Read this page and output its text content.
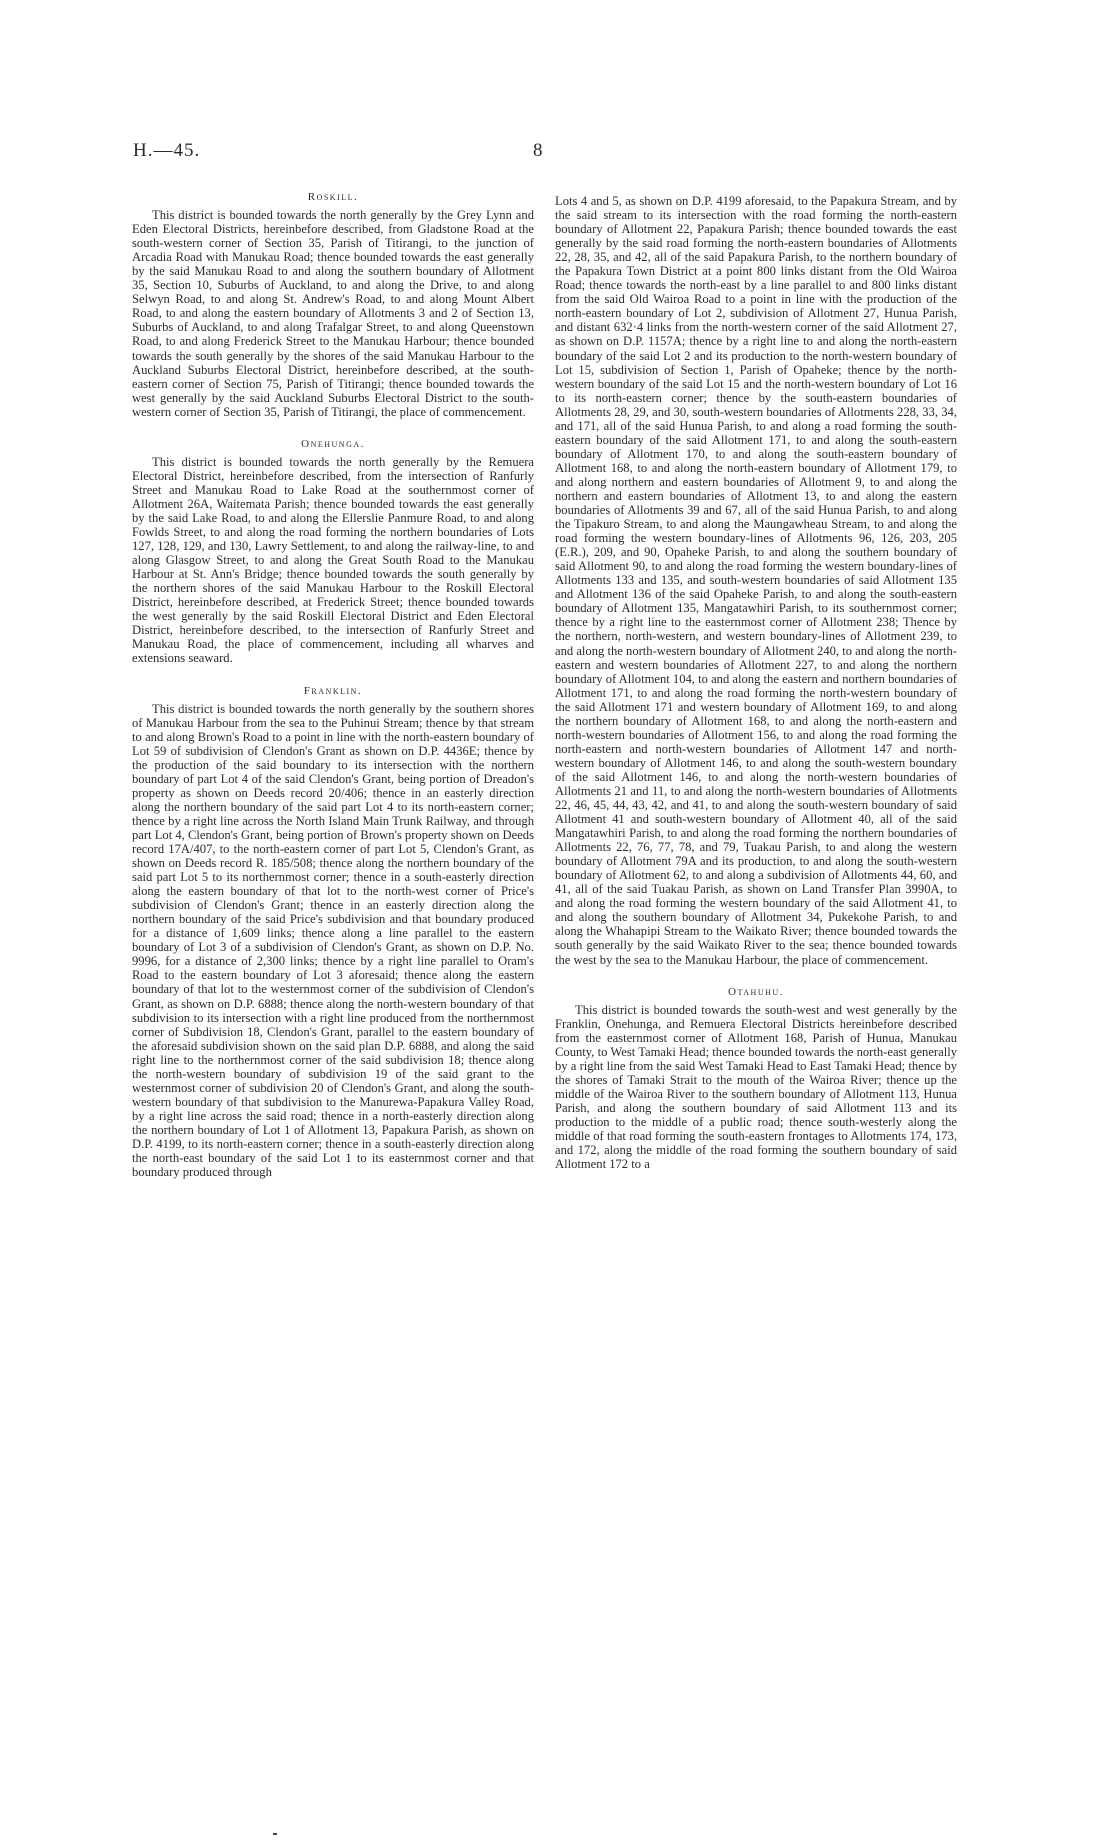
H.—45.	8
Roskill.

This district is bounded towards the north generally by the Grey Lynn and Eden Electoral Districts, hereinbefore described, from Gladstone Road at the south-western corner of Section 35, Parish of Titirangi, to the junction of Arcadia Road with Manukau Road; thence bounded towards the east generally by the said Manukau Road to and along the southern boundary of Allotment 35, Section 10, Suburbs of Auckland, to and along the Drive, to and along Selwyn Road, to and along St. Andrew's Road, to and along Mount Albert Road, to and along the eastern boundary of Allotments 3 and 2 of Section 13, Suburbs of Auckland, to and along Trafalgar Street, to and along Queenstown Road, to and along Frederick Street to the Manukau Harbour; thence bounded towards the south generally by the shores of the said Manukau Harbour to the Auckland Suburbs Electoral District, hereinbefore described, at the south-eastern corner of Section 75, Parish of Titirangi; thence bounded towards the west generally by the said Auckland Suburbs Electoral District to the south-western corner of Section 35, Parish of Titirangi, the place of commencement.

Onehunga.

This district is bounded towards the north generally by the Remuera Electoral District, hereinbefore described, from the intersection of Ranfurly Street and Manukau Road to Lake Road at the southernmost corner of Allotment 26A, Waitemata Parish; thence bounded towards the east generally by the said Lake Road, to and along the Ellerslie Panmure Road, to and along Fowlds Street, to and along the road forming the northern boundaries of Lots 127, 128, 129, and 130, Lawry Settlement, to and along the railway-line, to and along Glasgow Street, to and along the Great South Road to the Manukau Harbour at St. Ann's Bridge; thence bounded towards the south generally by the northern shores of the said Manukau Harbour to the Roskill Electoral District, hereinbefore described, at Frederick Street; thence bounded towards the west generally by the said Roskill Electoral District and Eden Electoral District, hereinbefore described, to the intersection of Ranfurly Street and Manukau Road, the place of commencement, including all wharves and extensions seaward.

Franklin.

This district is bounded towards the north generally by the southern shores of Manukau Harbour from the sea to the Puhinui Stream; thence by that stream to and along Brown's Road to a point in line with the north-eastern boundary of Lot 59 of subdivision of Clendon's Grant as shown on D.P. 4436E; thence by the production of the said boundary to its intersection with the northern boundary of part Lot 4 of the said Clendon's Grant, being portion of Dreadon's property as shown on Deeds record 20/406; thence in an easterly direction along the northern boundary of the said part Lot 4 to its north-eastern corner; thence by a right line across the North Island Main Trunk Railway, and through part Lot 4, Clendon's Grant, being portion of Brown's property shown on Deeds record 17A/407, to the north-eastern corner of part Lot 5, Clendon's Grant, as shown on Deeds record R. 185/508; thence along the northern boundary of the said part Lot 5 to its northernmost corner; thence in a south-easterly direction along the eastern boundary of that lot to the north-west corner of Price's subdivision of Clendon's Grant; thence in an easterly direction along the northern boundary of the said Price's subdivision and that boundary produced for a distance of 1,609 links; thence along a line parallel to the eastern boundary of Lot 3 of a subdivision of Clendon's Grant, as shown on D.P. No. 9996, for a distance of 2,300 links; thence by a right line parallel to Oram's Road to the eastern boundary of Lot 3 aforesaid; thence along the eastern boundary of that lot to the westernmost corner of the subdivision of Clendon's Grant, as shown on D.P. 6888; thence along the north-western boundary of that subdivision to its intersection with a right line produced from the northernmost corner of Subdivision 18, Clendon's Grant, parallel to the eastern boundary of the aforesaid subdivision shown on the said plan D.P. 6888, and along the said right line to the northernmost corner of the said subdivision 18; thence along the north-western boundary of subdivision 19 of the said grant to the westernmost corner of subdivision 20 of Clendon's Grant, and along the south-western boundary of that subdivision to the Manurewa-Papakura Valley Road, by a right line across the said road; thence in a north-easterly direction along the northern boundary of Lot 1 of Allotment 13, Papakura Parish, as shown on D.P. 4199, to its north-eastern corner; thence in a south-easterly direction along the north-east boundary of the said Lot 1 to its easternmost corner and that boundary produced through

Lots 4 and 5, as shown on D.P. 4199 aforesaid, to the Papakura Stream, and by the said stream to its intersection with the road forming the north-eastern boundary of Allotment 22, Papakura Parish; thence bounded towards the east generally by the said road forming the north-eastern boundaries of Allotments 22, 28, 35, and 42, all of the said Papakura Parish, to the northern boundary of the Papakura Town District at a point 800 links distant from the Old Wairoa Road; thence towards the north-east by a line parallel to and 800 links distant from the said Old Wairoa Road to a point in line with the production of the north-eastern boundary of Lot 2, subdivision of Allotment 27, Hunua Parish, and distant 632·4 links from the north-western corner of the said Allotment 27, as shown on D.P. 1157A; thence by a right line to and along the north-eastern boundary of the said Lot 2 and its production to the north-western boundary of Lot 15, subdivision of Section 1, Parish of Opaheke; thence by the north-western boundary of the said Lot 15 and the north-western boundary of Lot 16 to its north-eastern corner; thence by the south-eastern boundaries of Allotments 28, 29, and 30, south-western boundaries of Allotments 228, 33, 34, and 171, all of the said Hunua Parish, to and along a road forming the south-eastern boundary of the said Allotment 171, to and along the south-eastern boundary of Allotment 170, to and along the south-eastern boundary of Allotment 168, to and along the north-eastern boundary of Allotment 179, to and along northern and eastern boundaries of Allotment 9, to and along the northern and eastern boundaries of Allotment 13, to and along the eastern boundaries of Allotments 39 and 67, all of the said Hunua Parish, to and along the Tipakuro Stream, to and along the Maungawheau Stream, to and along the road forming the western boundary-lines of Allotments 96, 126, 203, 205 (E.R.), 209, and 90, Opaheke Parish, to and along the southern boundary of said Allotment 90, to and along the road forming the western boundary-lines of Allotments 133 and 135, and south-western boundaries of said Allotment 135 and Allotment 136 of the said Opaheke Parish, to and along the south-eastern boundary of Allotment 135, Mangatawhiri Parish, to its southernmost corner; thence by a right line to the easternmost corner of Allotment 238; Thence by the northern, north-western, and western boundary-lines of Allotment 239, to and along the north-western boundary of Allotment 240, to and along the north-eastern and western boundaries of Allotment 227, to and along the northern boundary of Allotment 104, to and along the eastern and northern boundaries of Allotment 171, to and along the road forming the north-western boundary of the said Allotment 171 and western boundary of Allotment 169, to and along the northern boundary of Allotment 168, to and along the north-eastern and north-western boundaries of Allotment 156, to and along the road forming the north-eastern and north-western boundaries of Allotment 147 and north-western boundary of Allotment 146, to and along the south-western boundary of the said Allotment 146, to and along the north-western boundaries of Allotments 21 and 11, to and along the north-western boundaries of Allotments 22, 46, 45, 44, 43, 42, and 41, to and along the south-western boundary of said Allotment 41 and south-western boundary of Allotment 40, all of the said Mangatawhiri Parish, to and along the road forming the northern boundaries of Allotments 22, 76, 77, 78, and 79, Tuakau Parish, to and along the western boundary of Allotment 79A and its production, to and along the south-western boundary of Allotment 62, to and along a subdivision of Allotments 44, 60, and 41, all of the said Tuakau Parish, as shown on Land Transfer Plan 3990A, to and along the road forming the western boundary of the said Allotment 41, to and along the southern boundary of Allotment 34, Pukekohe Parish, to and along the Whahapipi Stream to the Waikato River; thence bounded towards the south generally by the said Waikato River to the sea; thence bounded towards the west by the sea to the Manukau Harbour, the place of commencement.

Otahuhu.

This district is bounded towards the south-west and west generally by the Franklin, Onehunga, and Remuera Electoral Districts hereinbefore described from the easternmost corner of Allotment 168, Parish of Hunua, Manukau County, to West Tamaki Head; thence bounded towards the north-east generally by a right line from the said West Tamaki Head to East Tamaki Head; thence by the shores of Tamaki Strait to the mouth of the Wairoa River; thence up the middle of the Wairoa River to the southern boundary of Allotment 113, Hunua Parish, and along the southern boundary of said Allotment 113 and its production to the middle of a public road; thence south-westerly along the middle of that road forming the south-eastern frontages to Allotments 174, 173, and 172, along the middle of the road forming the southern boundary of said Allotment 172 to a
